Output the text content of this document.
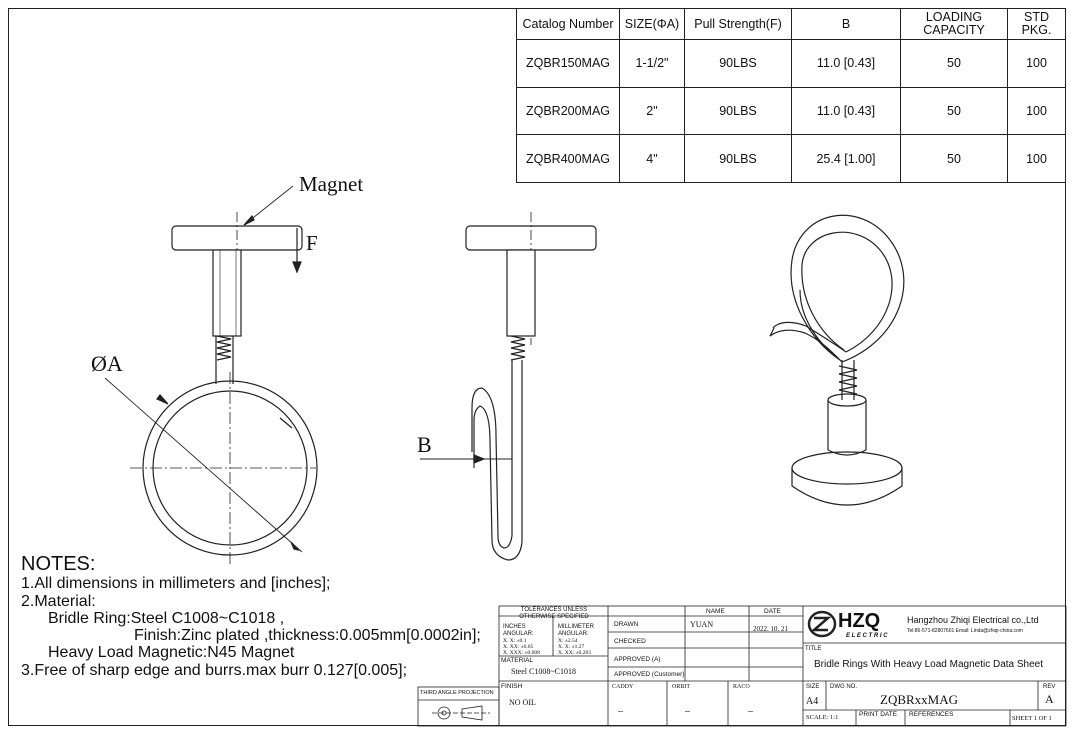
Catalog Number	SIZE(ΦA)	Pull Strength(F)	B	LOADING CAPACITY	STD PKG.
ZQBR150MAG	1-1/2"	90LBS	11.0 [0.43]	50	100
ZQBR200MAG	2"	90LBS	11.0 [0.43]	50	100
ZQBR400MAG	4"	90LBS	25.4 [1.00]	50	100
Magnet
F
ØA
B
NOTES:
1.All dimensions in millimeters and [inches];
2.Material:
Bridle Ring:Steel C1008~C1018 ,
Finish:Zinc plated ,thickness:0.005mm[0.0002in];
Heavy Load Magnetic:N45 Magnet
3.Free of sharp edge and burrs.max burr 0.127[0.005];
TOLERANCES UNLESS OTHERWISE SPECIFIED
INCHES ANGULAR:
MILLIMETER ANGULAR:
X. X: ±0.1
X. XX: ±0.05
X. XXX: ±0.008
X: ±2.54
X. X: ±1.27
X. XX: ±0.203
MATERIAL
Steel C1008~C1018
FINISH
NO OIL
THIRD ANGLE PROJECTION
NAME	DATE
DRAWN	YUAN	2022. 10. 21
CHECKED
APPROVED (A)
APPROVED (Customer)
CADDY	ORBIT	RACO
–	–	–
HZQ
E L E C T R I C
Hangzhou Zhiqi Electrical co.,Ltd
Tel:86-571-82807601 Email: Linda@zhiqi-china.com
TITLE
Bridle Rings With Heavy Load Magnetic Data Sheet
SIZE
A4
DWG NO.
ZQBRxxMAG
REV
A
SCALE: 1:1	PRINT DATE REFERENCES
SHEET 1 OF 1
